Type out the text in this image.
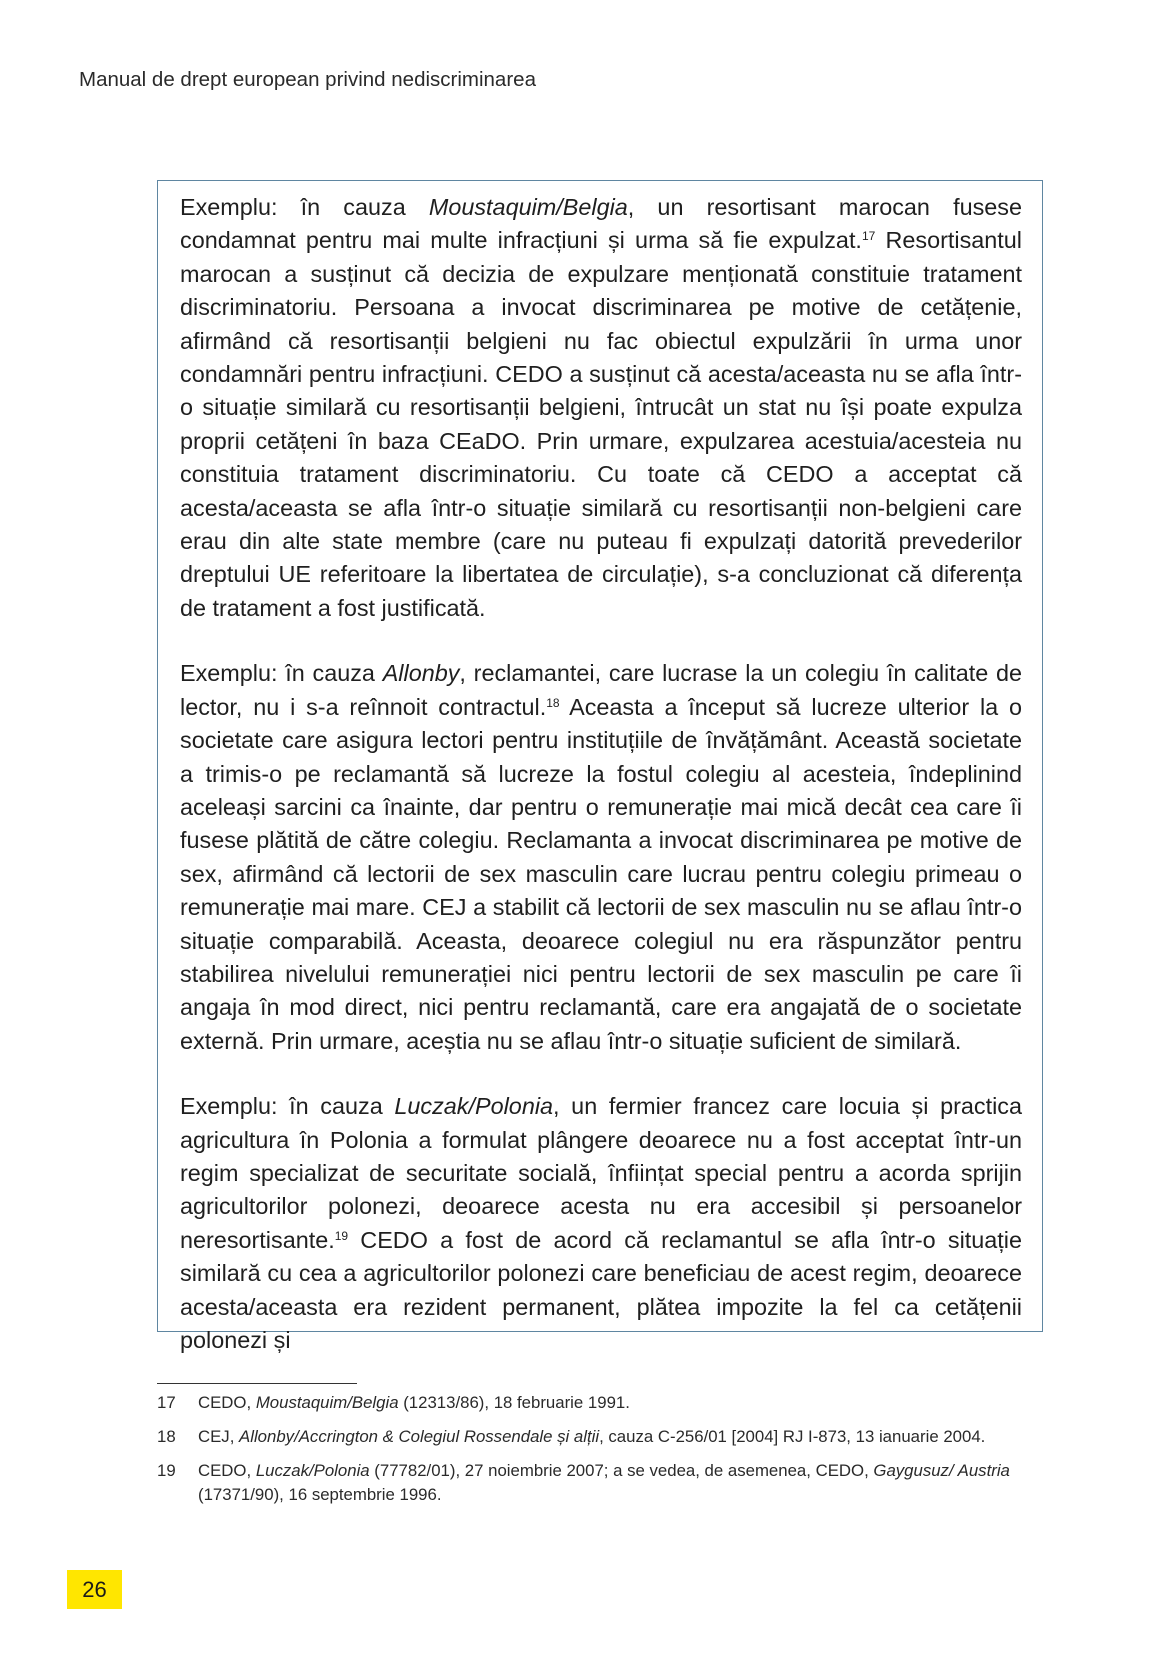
Manual de drept european privind nediscriminarea

Exemplu: în cauza Moustaquim/Belgia, un resortisant marocan fusese condamnat pentru mai multe infracțiuni și urma să fie expulzat.$^{17}$ Resortisantul marocan a susținut că decizia de expulzare menționată constituie tratament discriminatoriu. Persoana a invocat discriminarea pe motive de cetățenie, afirmând că resortisanții belgieni nu fac obiectul expulzării în urma unor condamnări pentru infracțiuni. CEDO a susținut că acesta/aceasta nu se afla într-o situație similară cu resortisanții belgieni, întrucât un stat nu își poate expulza proprii cetățeni în baza CEaDO. Prin urmare, expulzarea acestuia/acesteia nu constituia tratament discriminatoriu. Cu toate că CEDO a acceptat că acesta/aceasta se afla într-o situație similară cu resortisanții non-belgieni care erau din alte state membre (care nu puteau fi expulzați datorită prevederilor dreptului UE referitoare la libertatea de circulație), s-a concluzionat că diferența de tratament a fost justificată.

Exemplu: în cauza Allonby, reclamantei, care lucrase la un colegiu în calitate de lector, nu i s-a reînnoit contractul.$^{18}$ Aceasta a început să lucreze ulterior la o societate care asigura lectori pentru instituțiile de învățământ. Această societate a trimis-o pe reclamantă să lucreze la fostul colegiu al acesteia, îndeplinind aceleași sarcini ca înainte, dar pentru o remunerație mai mică decât cea care îi fusese plătită de către colegiu. Reclamanta a invocat discriminarea pe motive de sex, afirmând că lectorii de sex masculin care lucrau pentru colegiu primeau o remunerație mai mare. CEJ a stabilit că lectorii de sex masculin nu se aflau într-o situație comparabilă. Aceasta, deoarece colegiul nu era răspunzător pentru stabilirea nivelului remunerației nici pentru lectorii de sex masculin pe care îi angaja în mod direct, nici pentru reclamantă, care era angajată de o societate externă. Prin urmare, aceștia nu se aflau într-o situație suficient de similară.

Exemplu: în cauza Luczak/Polonia, un fermier francez care locuia și practica agricultura în Polonia a formulat plângere deoarece nu a fost acceptat într-un regim specializat de securitate socială, înființat special pentru a acorda sprijin agricultorilor polonezi, deoarece acesta nu era accesibil și persoanelor neresortisante.$^{19}$ CEDO a fost de acord că reclamantul se afla într-o situație similară cu cea a agricultorilor polonezi care beneficiau de acest regim, deoarece acesta/aceasta era rezident permanent, plătea impozite la fel ca cetățenii polonezi și

17	CEDO, Moustaquim/Belgia (12313/86), 18 februarie 1991.
18	CEJ, Allonby/Accrington & Colegiul Rossendale și alții, cauza C-256/01 [2004] RJ I-873, 13 ianuarie 2004.
19	CEDO, Luczak/Polonia (77782/01), 27 noiembrie 2007; a se vedea, de asemenea, CEDO, Gaygusuz/ Austria (17371/90), 16 septembrie 1996.
26
